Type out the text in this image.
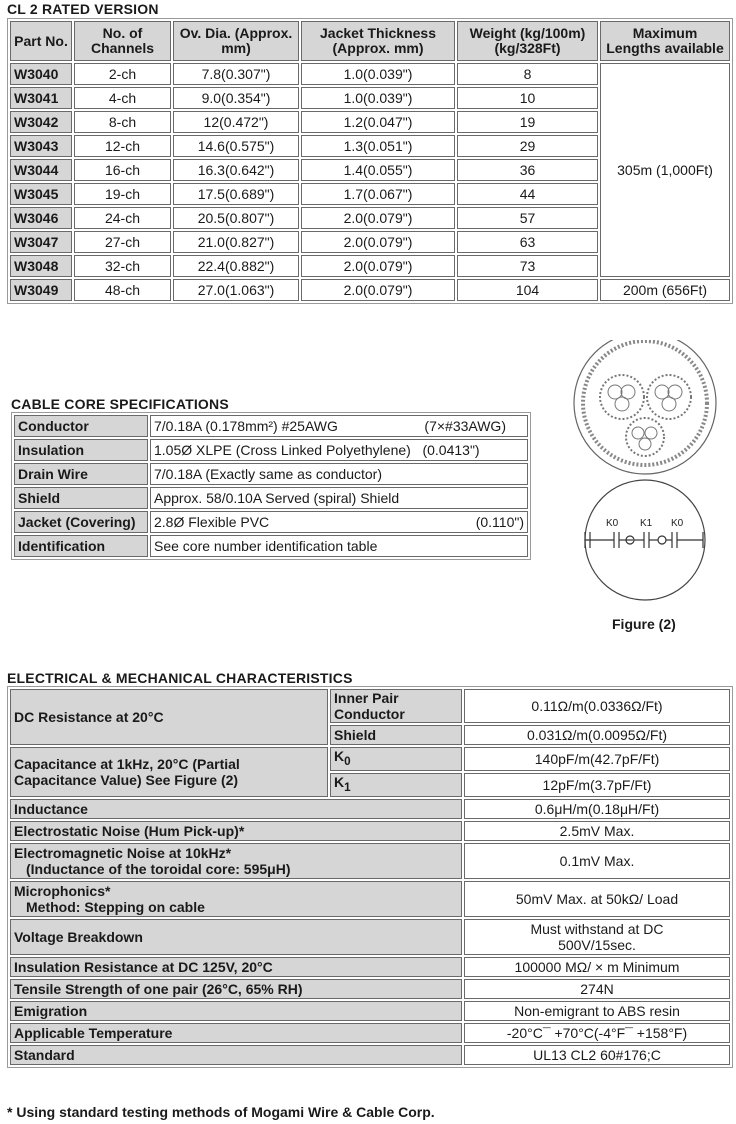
CL 2 RATED VERSION
Part No.	No. of Channels	Ov. Dia. (Approx. mm)	Jacket Thickness (Approx. mm)	Weight (kg/100m) (kg/328Ft)	Maximum Lengths available
W3040	2-ch	7.8(0.307")	1.0(0.039")	8	305m (1,000Ft)
W3041	4-ch	9.0(0.354")	1.0(0.039")	10	
W3042	8-ch	12(0.472")	1.2(0.047")	19	
W3043	12-ch	14.6(0.575")	1.3(0.051")	29	
W3044	16-ch	16.3(0.642")	1.4(0.055")	36	
W3045	19-ch	17.5(0.689")	1.7(0.067")	44	
W3046	24-ch	20.5(0.807")	2.0(0.079")	57	
W3047	27-ch	21.0(0.827")	2.0(0.079")	63	
W3048	32-ch	22.4(0.882")	2.0(0.079")	73	
W3049	48-ch	27.0(1.063")	2.0(0.079")	104	200m (656Ft)
CABLE CORE SPECIFICATIONS
Conductor	7/0.18A (0.178mm²) #25AWG (7×#33AWG)

Insulation	1.05Ø XLPE (Cross Linked Polyethylene)   (0.0413")

Drain Wire	7/0.18A (Exactly same as conductor)

Shield	Approx. 58/0.10A Served (spiral) Shield

Jacket (Covering)	2.8Ø Flexible PVC (0.110")

Identification	See core number identification table
K0 K1 K0
Figure (2)
ELECTRICAL & MECHANICAL CHARACTERISTICS
DC Resistance at 20°C	Inner Pair Conductor	0.11Ω/m(0.0336Ω/Ft)
	Shield	0.031Ω/m(0.0095Ω/Ft)
Capacitance at 1kHz, 20°C (Partial Capacitance Value) See Figure (2)	$K_0$	140pF/m(42.7pF/Ft)
	$K_1$	12pF/m(3.7pF/Ft)

Inductance		0.6μH/m(0.18μH/Ft)

Electrostatic Noise (Hum Pick-up)*		2.5mV Max.

Electromagnetic Noise at 10kHz*
(Inductance of the toroidal core: 595μH)		0.1mV Max.

Microphonics*
Method: Stepping on cable		50mV Max. at 50kΩ/ Load

Voltage Breakdown		Must withstand at DC 500V/15sec.

Insulation Resistance at DC 125V, 20°C		100000 MΩ/ × m Minimum

Tensile Strength of one pair (26°C, 65% RH)		274N

Emigration		Non-emigrant to ABS resin

Applicable Temperature		-20°C¯ +70°C(-4°F¯ +158°F)

Standard		UL13 CL2 60#176;C
* Using standard testing methods of Mogami Wire & Cable Corp.
